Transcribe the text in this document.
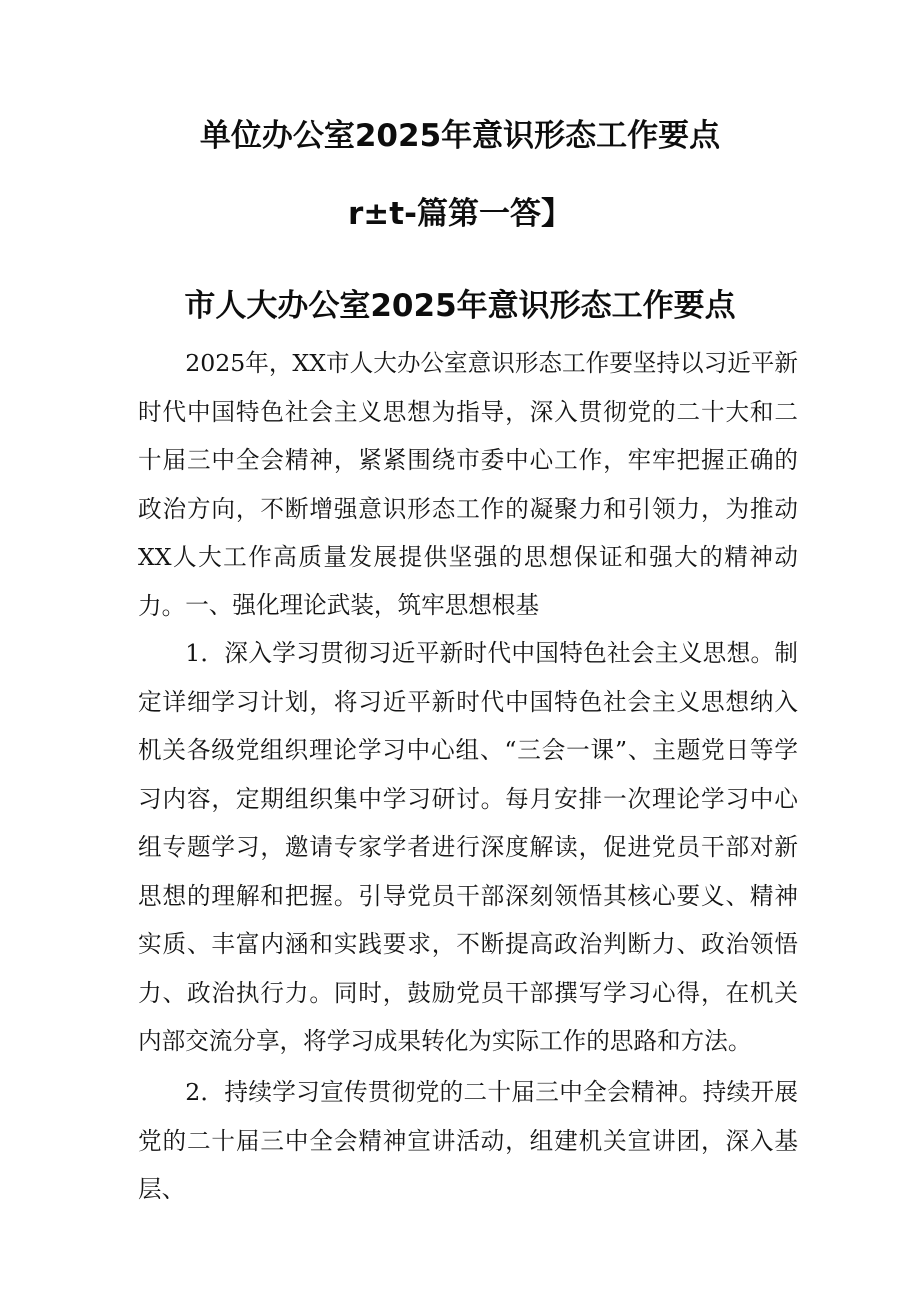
单位办公室2025年意识形态工作要点
r±t-篇第一答】
市人大办公室2025年意识形态工作要点

2025年，XX市人大办公室意识形态工作要坚持以习近平新时代中国特色社会主义思想为指导，深入贯彻党的二十大和二十届三中全会精神，紧紧围绕市委中心工作，牢牢把握正确的政治方向，不断增强意识形态工作的凝聚力和引领力，为推动XX人大工作高质量发展提供坚强的思想保证和强大的精神动力。 一、强化理论武装，筑牢思想根基

1．深入学习贯彻习近平新时代中国特色社会主义思想。制定详细学习计划，将习近平新时代中国特色社会主义思想纳入机关各级党组织理论学习中心组、“三会一课”、主题党日等学习内容，定期组织集中学习研讨。每月安排一次理论学习中心组专题学习，邀请专家学者进行深度解读，促进党员干部对新思想的理解和把握。引导党员干部深刻领悟其核心要义、精神实质、丰富内涵和实践要求，不断提高政治判断力、政治领悟力、政治执行力。同时，鼓励党员干部撰写学习心得，在机关内部交流分享，将学习成果转化为实际工作的思路和方法。

2．持续学习宣传贯彻党的二十届三中全会精神。持续开展党的二十届三中全会精神宣讲活动，组建机关宣讲团，深入基层、
